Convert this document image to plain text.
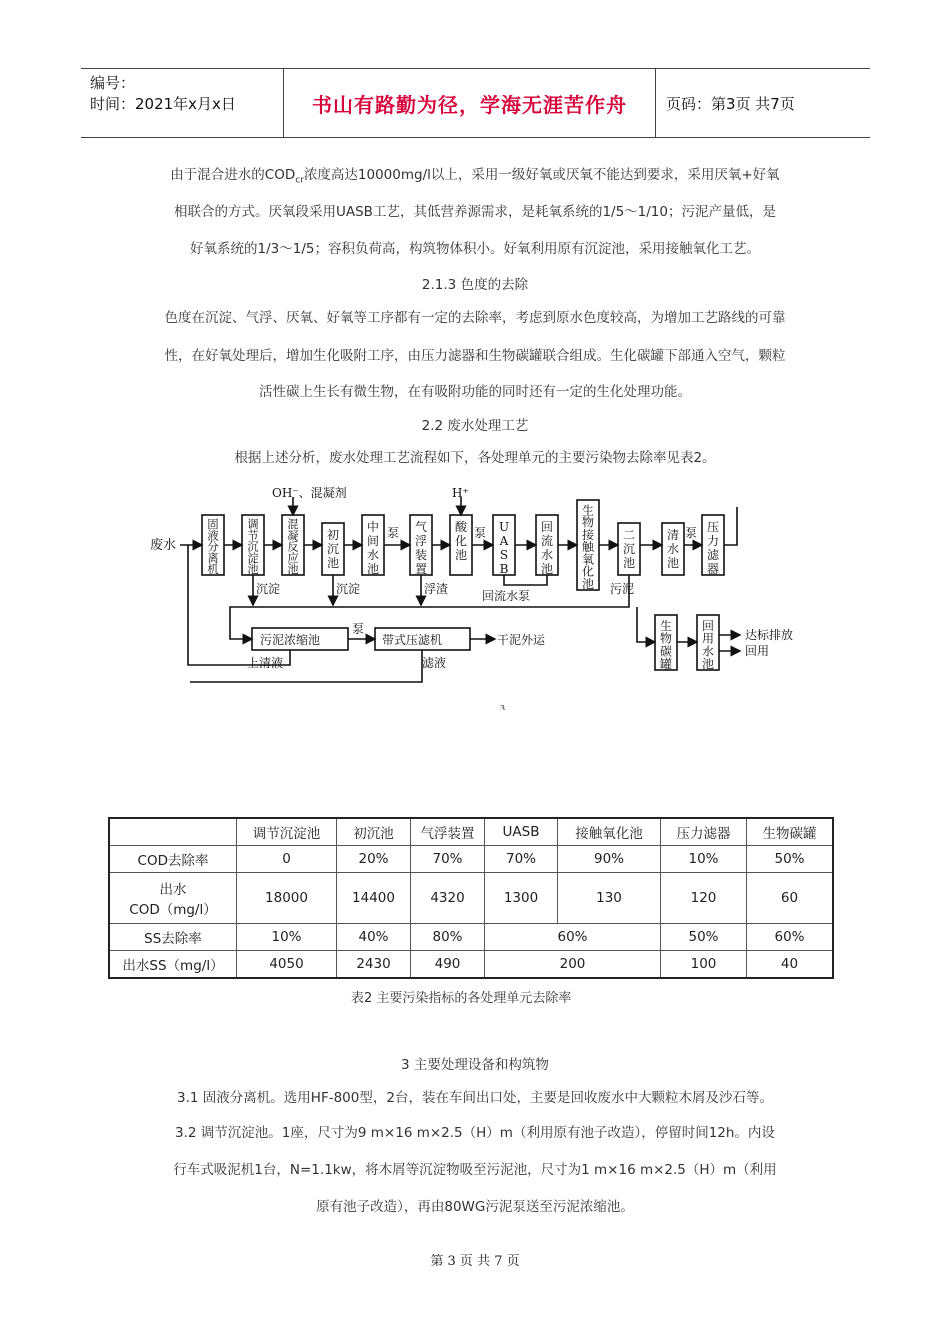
编号：
时间：2021年x月x日	书山有路勤为径，学海无涯苦作舟	页码：第3页 共7页
由于混合进水的$COD_{cr}$浓度高达10000mg/l以上，采用一级好氧或厌氧不能达到要求，采用厌氧+好氧
相联合的方式。厌氧段采用UASB工艺，其低营养源需求，是耗氧系统的1/5～1/10；污泥产量低，是
好氧系统的1/3～1/5；容积负荷高，构筑物体积小。好氧利用原有沉淀池，采用接触氧化工艺。
2.1.3 色度的去除
色度在沉淀、气浮、厌氧、好氧等工序都有一定的去除率，考虑到原水色度较高，为增加工艺路线的可靠
性，在好氧处理后，增加生化吸附工序，由压力滤器和生物碳罐联合组成。生化碳罐下部通入空气，颗粒
活性碳上生长有微生物，在有吸附功能的同时还有一定的生化处理功能。
2.2 废水处理工艺
根据上述分析，废水处理工艺流程如下，各处理单元的主要污染物去除率见表2。
废水
OH⁻、混凝剂	H⁺
泵	泵	泵
沉淀	沉淀	浮渣	污泥
回流水泵
污泥浓缩池
泵
带式压滤机	干泥外运
上清液	滤液
达标排放
回用
3
固
液
分
离
机
调
节
沉
淀
池
混
凝
反
应
池
初
沉
池
中
间
水
池
气
浮
装
置
酸
化
池
U
A
S
B
回
流
水
池
生
物
接
触
氧
化
池
二
沉
池
清
水
池
压
力
滤
器
生
物
碳
罐
回
用
水
池
	调节沉淀池	初沉池	气浮装置	UASB	接触氧化池	压力滤器	生物碳罐
COD去除率	0	20%	70%	70%	90%	10%	50%

出水
COD（mg/l）	18000	14400	4320	1300	130	120	60
SS去除率	10%	40%	80%	60%		50%	60%
出水SS（mg/l）	4050	2430	490	200		100	40
表2 主要污染指标的各处理单元去除率
3 主要处理设备和构筑物
3.1 固液分离机。选用HF-800型，2台，装在车间出口处，主要是回收废水中大颗粒木屑及沙石等。
3.2 调节沉淀池。1座，尺寸为9 m×16 m×2.5（H）m（利用原有池子改造），停留时间12h。内设
行车式吸泥机1台，N=1.1kw，将木屑等沉淀物吸至污泥池，尺寸为1 m×16 m×2.5（H）m（利用
原有池子改造），再由80WG污泥泵送至污泥浓缩池。
第 3 页 共 7 页
